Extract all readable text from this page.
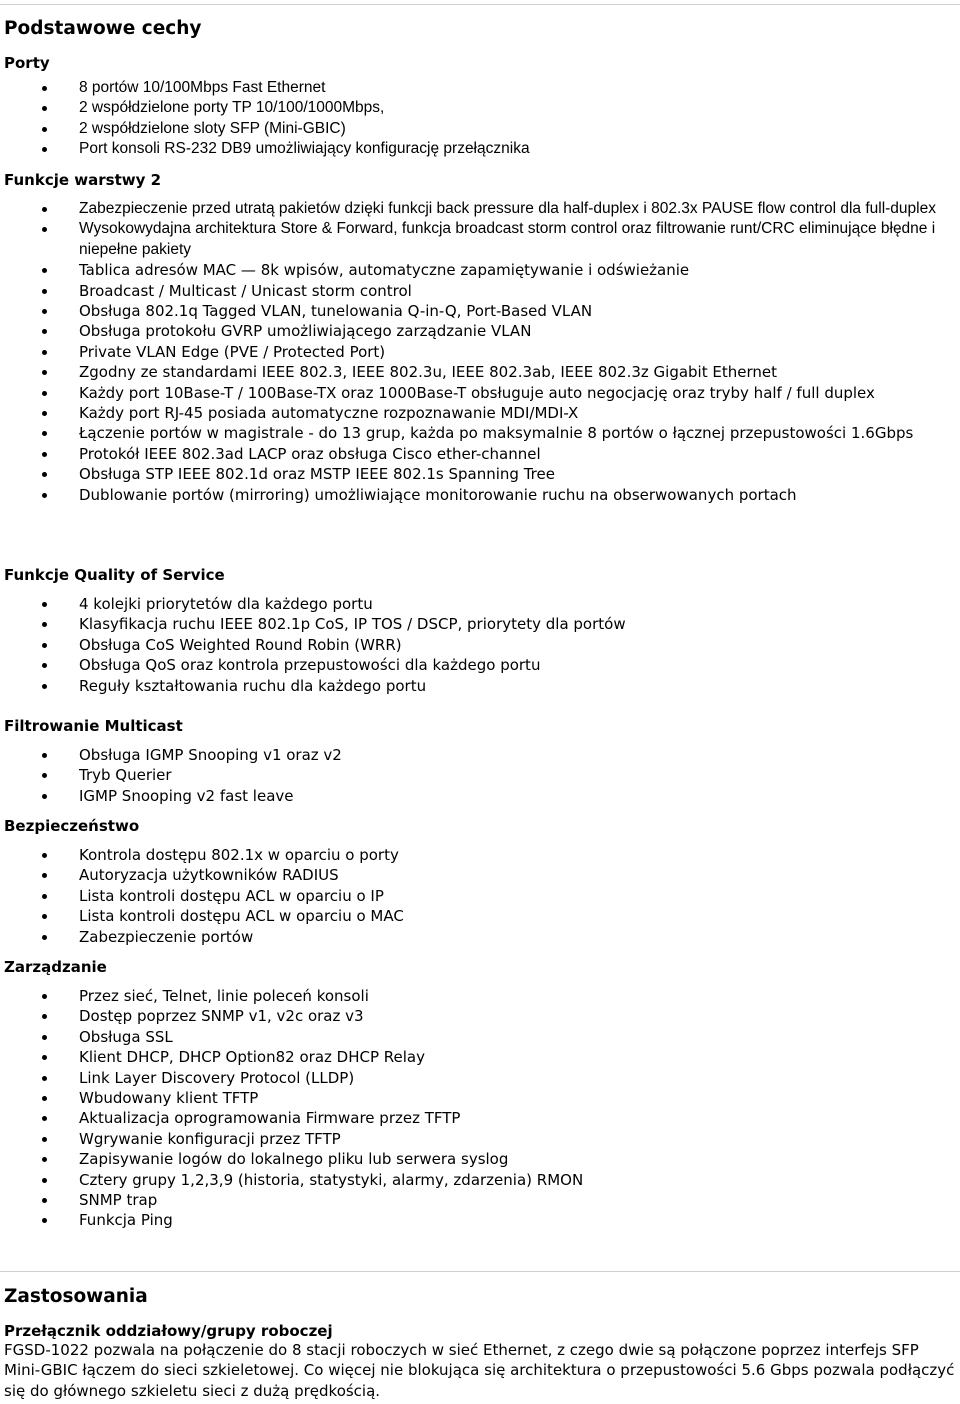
Podstawowe cechy
Porty
8 portów 10/100Mbps Fast Ethernet
2 współdzielone porty TP 10/100/1000Mbps,
2 współdzielone sloty SFP (Mini-GBIC)
Port konsoli RS-232 DB9 umożliwiający konfigurację przełącznika
Funkcje warstwy 2
Zabezpieczenie przed utratą pakietów dzięki funkcji back pressure dla half-duplex i 802.3x PAUSE flow control dla full-duplex
Wysokowydajna architektura Store & Forward, funkcja broadcast storm control oraz filtrowanie runt/CRC eliminujące błędne i niepełne pakiety
Tablica adresów MAC — 8k wpisów, automatyczne zapamiętywanie i odświeżanie
Broadcast / Multicast / Unicast storm control
Obsługa 802.1q Tagged VLAN, tunelowania Q-in-Q, Port-Based VLAN
Obsługa protokołu GVRP umożliwiającego zarządzanie VLAN
Private VLAN Edge (PVE / Protected Port)
Zgodny ze standardami IEEE 802.3, IEEE 802.3u, IEEE 802.3ab, IEEE 802.3z Gigabit Ethernet
Każdy port 10Base-T / 100Base-TX oraz 1000Base-T obsługuje auto negocjację oraz tryby half / full duplex
Każdy port RJ-45 posiada automatyczne rozpoznawanie MDI/MDI-X
Łączenie portów w magistrale - do 13 grup, każda po maksymalnie 8 portów o łącznej przepustowości 1.6Gbps
Protokół IEEE 802.3ad LACP oraz obsługa Cisco ether-channel
Obsługa STP IEEE 802.1d oraz MSTP IEEE 802.1s Spanning Tree
Dublowanie portów (mirroring) umożliwiające monitorowanie ruchu na obserwowanych portach
Funkcje Quality of Service
4 kolejki priorytetów dla każdego portu
Klasyfikacja ruchu IEEE 802.1p CoS, IP TOS / DSCP, priorytety dla portów
Obsługa CoS Weighted Round Robin (WRR)
Obsługa QoS oraz kontrola przepustowości dla każdego portu
Reguły kształtowania ruchu dla każdego portu
Filtrowanie Multicast
Obsługa IGMP Snooping v1 oraz v2
Tryb Querier
IGMP Snooping v2 fast leave
Bezpieczeństwo
Kontrola dostępu 802.1x w oparciu o porty
Autoryzacja użytkowników RADIUS
Lista kontroli dostępu ACL w oparciu o IP
Lista kontroli dostępu ACL w oparciu o MAC
Zabezpieczenie portów
Zarządzanie
Przez sieć, Telnet, linie poleceń konsoli
Dostęp poprzez SNMP v1, v2c oraz v3
Obsługa SSL
Klient DHCP, DHCP Option82 oraz DHCP Relay
Link Layer Discovery Protocol (LLDP)
Wbudowany klient TFTP
Aktualizacja oprogramowania Firmware przez TFTP
Wgrywanie konfiguracji przez TFTP
Zapisywanie logów do lokalnego pliku lub serwera syslog
Cztery grupy 1,2,3,9 (historia, statystyki, alarmy, zdarzenia) RMON
SNMP trap
Funkcja Ping
Zastosowania
Przełącznik oddziałowy/grupy roboczej

FGSD-1022 pozwala na połączenie do 8 stacji roboczych w sieć Ethernet, z czego dwie są połączone poprzez interfejs SFP Mini-GBIC łączem do sieci szkieletowej. Co więcej nie blokująca się architektura o przepustowości 5.6 Gbps pozwala podłączyć się do głównego szkieletu sieci z dużą prędkością.
